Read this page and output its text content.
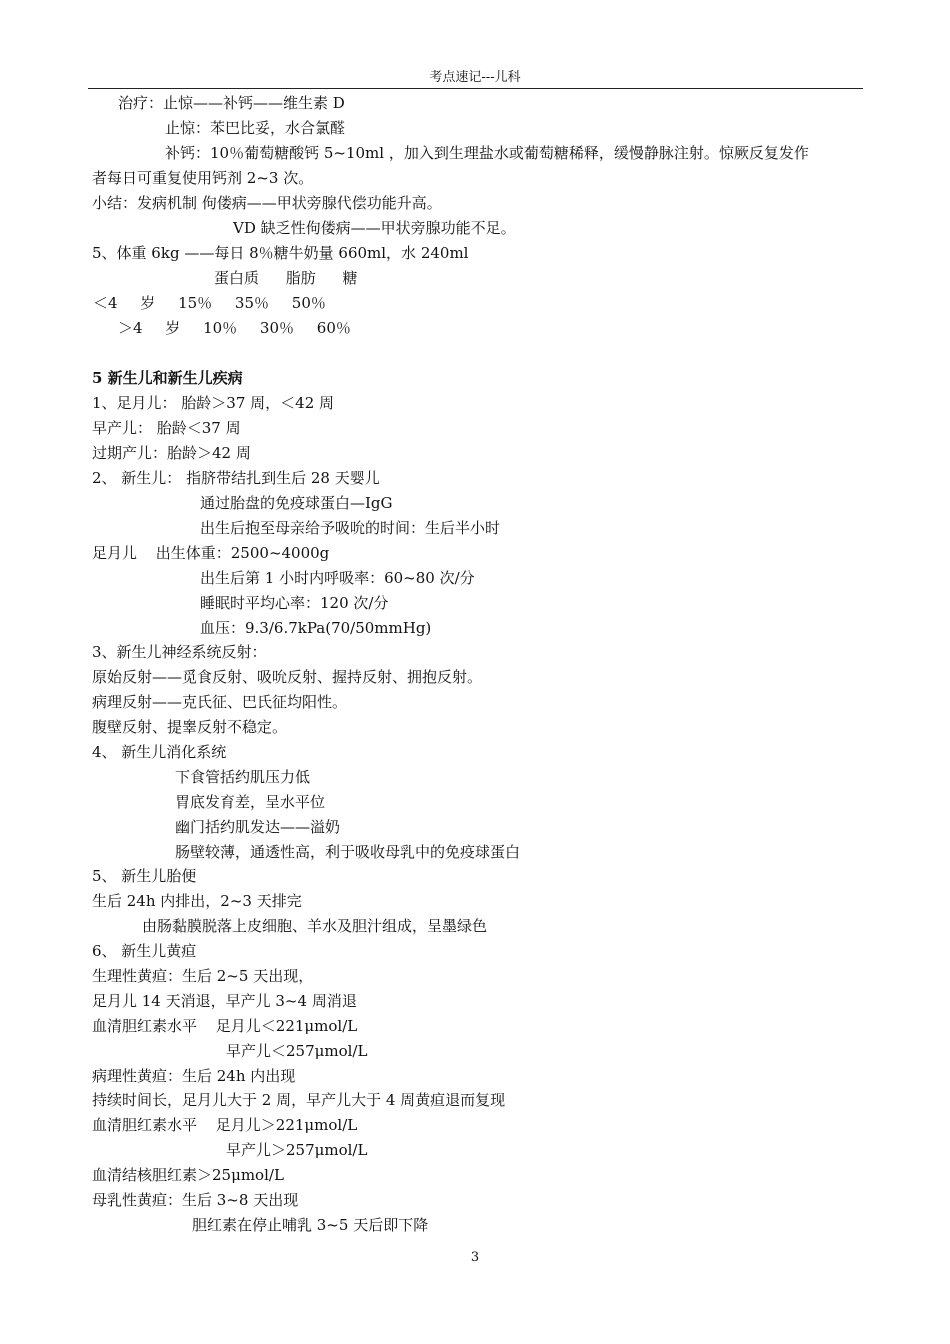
考点速记---儿科
治疗：止惊——补钙——维生素 D
止惊：苯巴比妥，水合氯醛
补钙：10％葡萄糖酸钙 5~10ml ，加入到生理盐水或葡萄糖稀释，缓慢静脉注射。惊厥反复发作
者每日可重复使用钙剂 2~3 次。
小结：发病机制 佝偻病——甲状旁腺代偿功能升高。
VD 缺乏性佝偻病——甲状旁腺功能不足。
5、体重 6kg ——每日 8％糖牛奶量 660ml，水 240ml
蛋白质 脂肪 糖
＜4 岁 15％ 35％ 50％
＞4 岁 10％ 30％ 60％
5 新生儿和新生儿疾病
1、足月儿： 胎龄＞37 周，＜42 周
早产儿： 胎龄＜37 周
过期产儿：胎龄＞42 周
2、 新生儿： 指脐带结扎到生后 28 天婴儿
通过胎盘的免疫球蛋白—IgG
出生后抱至母亲给予吸吮的时间：生后半小时
足月儿 出生体重：2500~4000g
出生后第 1 小时内呼吸率：60~80 次/分
睡眠时平均心率：120 次/分
血压：9.3/6.7kPa(70/50mmHg)
3、新生儿神经系统反射：
原始反射——觅食反射、吸吮反射、握持反射、拥抱反射。
病理反射——克氏征、巴氏征均阳性。
腹壁反射、提睾反射不稳定。
4、 新生儿消化系统
下食管括约肌压力低
胃底发育差，呈水平位
幽门括约肌发达——溢奶
肠壁较薄，通透性高，利于吸收母乳中的免疫球蛋白
5、 新生儿胎便
生后 24h 内排出，2~3 天排完
由肠黏膜脱落上皮细胞、羊水及胆汁组成，呈墨绿色
6、 新生儿黄疸
生理性黄疸：生后 2~5 天出现，
足月儿 14 天消退，早产儿 3~4 周消退
血清胆红素水平 足月儿＜221μmol/L
早产儿＜257μmol/L
病理性黄疸：生后 24h 内出现
持续时间长，足月儿大于 2 周，早产儿大于 4 周黄疸退而复现
血清胆红素水平 足月儿＞221μmol/L
早产儿＞257μmol/L
血清结核胆红素＞25μmol/L
母乳性黄疸：生后 3~8 天出现
胆红素在停止哺乳 3~5 天后即下降
3
